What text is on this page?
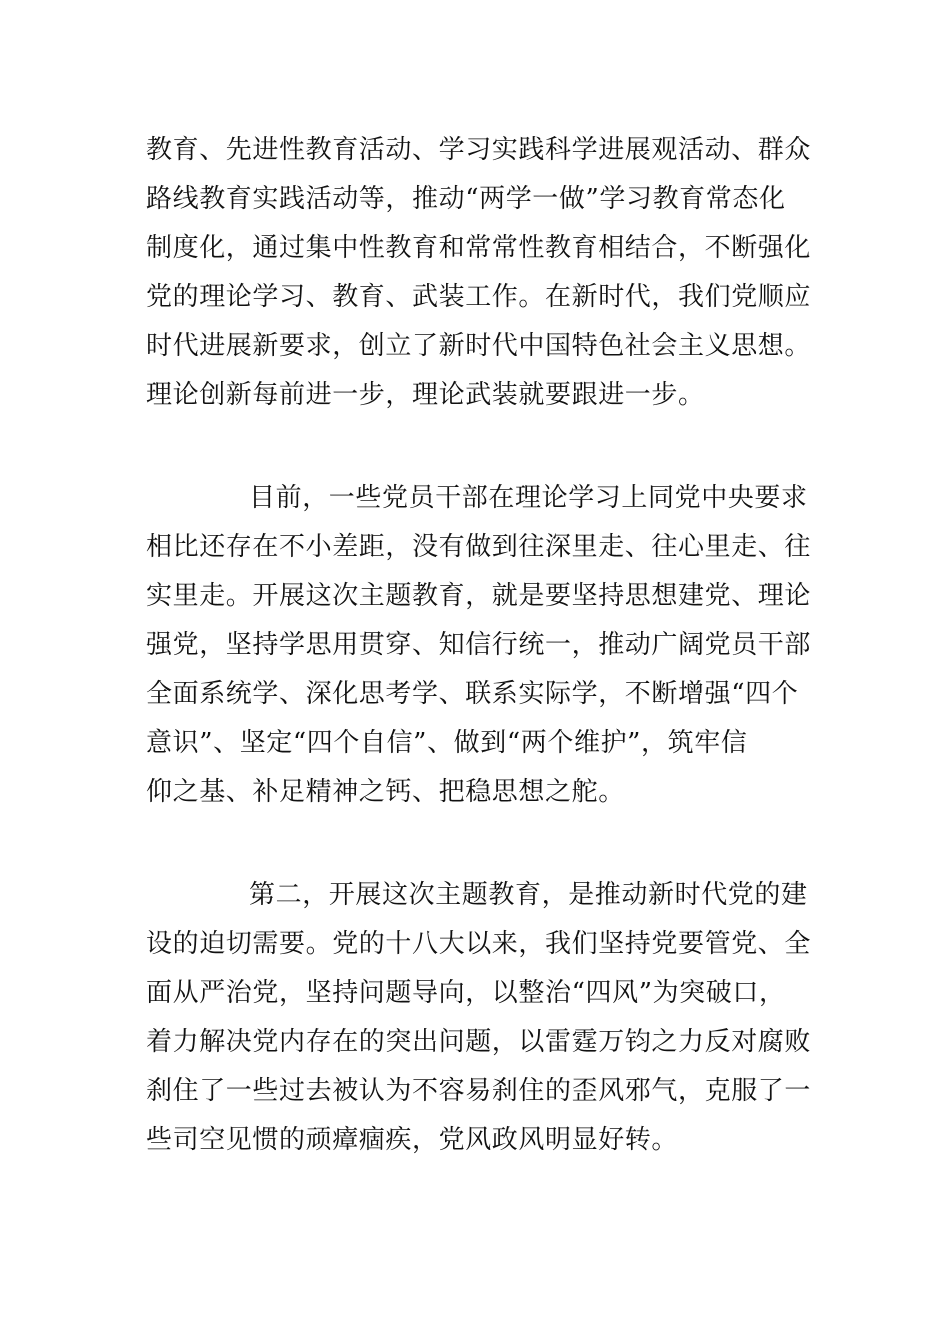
教育、先进性教育活动、学习实践科学进展观活动、群众
路线教育实践活动等，推动“两学一做”学习教育常态化
制度化，通过集中性教育和常常性教育相结合，不断强化
党的理论学习、教育、武装工作。在新时代，我们党顺应
时代进展新要求，创立了新时代中国特色社会主义思想。
理论创新每前进一步，理论武装就要跟进一步。
目前，一些党员干部在理论学习上同党中央要求
相比还存在不小差距，没有做到往深里走、往心里走、往
实里走。开展这次主题教育，就是要坚持思想建党、理论
强党，坚持学思用贯穿、知信行统一，推动广阔党员干部
全面系统学、深化思考学、联系实际学，不断增强“四个
意识”、坚定“四个自信”、做到“两个维护”，筑牢信
仰之基、补足精神之钙、把稳思想之舵。
第二，开展这次主题教育，是推动新时代党的建
设的迫切需要。党的十八大以来，我们坚持党要管党、全
面从严治党，坚持问题导向，以整治“四风”为突破口，
着力解决党内存在的突出问题，以雷霆万钧之力反对腐败
刹住了一些过去被认为不容易刹住的歪风邪气，克服了一
些司空见惯的顽瘴痼疾，党风政风明显好转。
